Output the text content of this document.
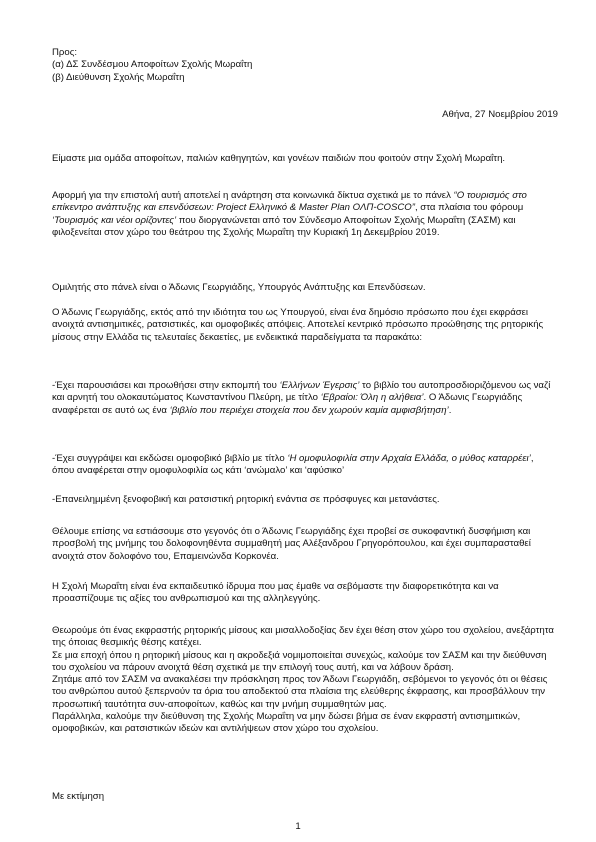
Προς:
(α) ΔΣ Συνδέσμου Αποφοίτων Σχολής Μωραΐτη
(β) Διεύθυνση Σχολής Μωραΐτη
Αθήνα, 27 Νοεμβρίου 2019

Είμαστε μια ομάδα αποφοίτων, παλιών καθηγητών, και γονέων παιδιών που φοιτούν στην Σχολή Μωραΐτη.

Αφορμή για την επιστολή αυτή αποτελεί η ανάρτηση στα κοινωνικά δίκτυα σχετικά με το πάνελ “Ο τουρισμός στο επίκεντρο ανάπτυξης και επενδύσεων: Project Ελληνικό & Master Plan ΟΛΠ-COSCO”, στα πλαίσια του φόρουμ ‘Τουρισμός και νέοι ορίζοντες’ που διοργανώνεται από τον Σύνδεσμο Αποφοίτων Σχολής Μωραΐτη (ΣΑΣΜ) και φιλοξενείται στον χώρο του θεάτρου της Σχολής Μωραΐτη την Κυριακή 1η Δεκεμβρίου 2019.

Ομιλητής στο πάνελ είναι ο Άδωνις Γεωργιάδης, Υπουργός Ανάπτυξης και Επενδύσεων.

Ο Άδωνις Γεωργιάδης, εκτός από την ιδιότητα του ως Υπουργού, είναι ένα δημόσιο πρόσωπο που έχει εκφράσει ανοιχτά αντισημιτικές, ρατσιστικές, και ομοφοβικές απόψεις. Αποτελεί κεντρικό πρόσωπο προώθησης της ρητορικής μίσους στην Ελλάδα τις τελευταίες δεκαετίες, με ενδεικτικά παραδείγματα τα παρακάτω:

-Έχει παρουσιάσει και προωθήσει στην εκπομπή του ‘Ελλήνων Έγερσις’ το βιβλίο του αυτοπροσδιοριζόμενου ως ναζί και αρνητή του ολοκαυτώματος Κωνσταντίνου Πλεύρη, με τίτλο ‘Εβραίοι: Όλη η αλήθεια’. Ο Άδωνις Γεωργιάδης αναφέρεται σε αυτό ως ένα ‘βιβλίο που περιέχει στοιχεία που δεν χωρούν καμία αμφισβήτηση’.

-Έχει συγγράψει και εκδώσει ομοφοβικό βιβλίο με τίτλο ‘Η ομοφυλοφιλία στην Αρχαία Ελλάδα, ο μύθος καταρρέει’, όπου αναφέρεται στην ομοφυλοφιλία ως κάτι ‘ανώμαλο’ και ‘αφύσικο’

-Επανειλημμένη ξενοφοβική και ρατσιστική ρητορική ενάντια σε πρόσφυγες και μετανάστες.

Θέλουμε επίσης να εστιάσουμε στο γεγονός ότι ο Άδωνις Γεωργιάδης έχει προβεί σε συκοφαντική δυσφήμιση και προσβολή της μνήμης του δολοφονηθέντα συμμαθητή μας Αλέξανδρου Γρηγορόπουλου, και έχει συμπαρασταθεί ανοιχτά στον δολοφόνο του, Επαμεινώνδα Κορκονέα.

Η Σχολή Μωραΐτη είναι ένα εκπαιδευτικό ίδρυμα που μας έμαθε να σεβόμαστε την διαφορετικότητα και να προασπίζουμε τις αξίες του ανθρωπισμού και της αλληλεγγύης.

Θεωρούμε ότι ένας εκφραστής ρητορικής μίσους και μισαλλοδοξίας δεν έχει θέση στον χώρο του σχολείου, ανεξάρτητα της όποιας θεσμικής θέσης κατέχει.

Σε μια εποχή όπου η ρητορική μίσους και η ακροδεξιά νομιμοποιείται συνεχώς, καλούμε τον ΣΑΣΜ και την διεύθυνση του σχολείου να πάρουν ανοιχτά θέση σχετικά με την επιλογή τους αυτή, και να λάβουν δράση.

Ζητάμε από τον ΣΑΣΜ να ανακαλέσει την πρόσκληση προς τον Άδωνι Γεωργιάδη, σεβόμενοι το γεγονός ότι οι θέσεις του ανθρώπου αυτού ξεπερνούν τα όρια του αποδεκτού στα πλαίσια της ελεύθερης έκφρασης, και προσβάλλουν την προσωπική ταυτότητα συν-αποφοίτων, καθώς και την μνήμη συμμαθητών μας.

Παράλληλα, καλούμε την διεύθυνση της Σχολής Μωραΐτη να μην δώσει βήμα σε έναν εκφραστή αντισημιτικών, ομοφοβικών, και ρατσιστικών ιδεών και αντιλήψεων στον χώρο του σχολείου.

Με εκτίμηση
1
